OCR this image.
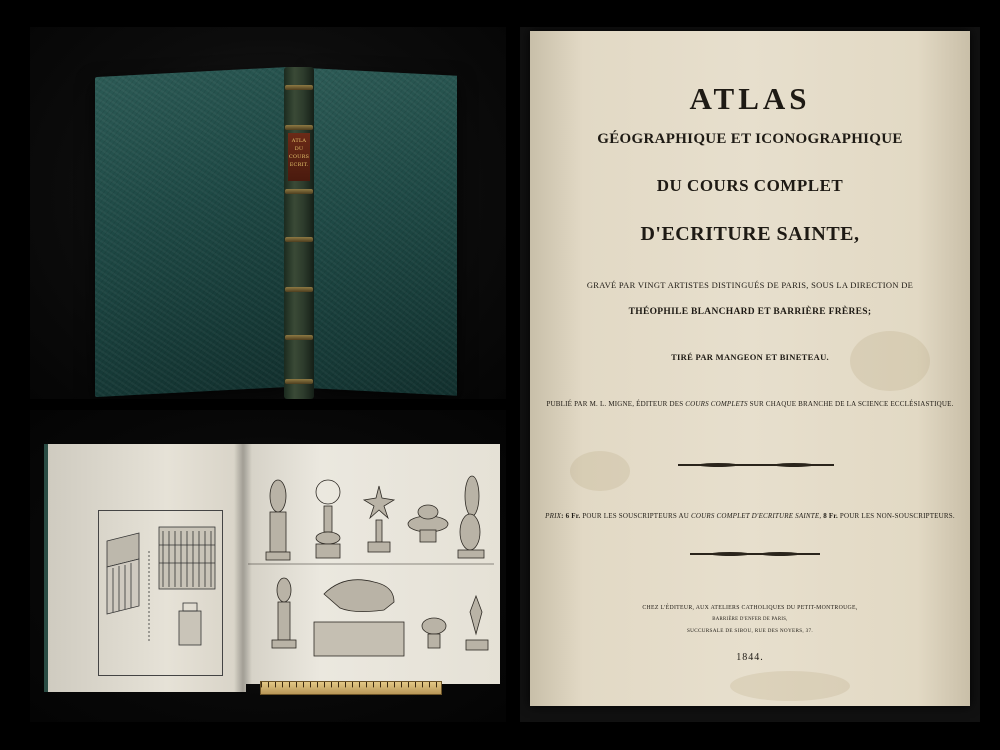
ATLA
DU
COURS
ECRIT.
ATLAS
GÉOGRAPHIQUE ET ICONOGRAPHIQUE
DU COURS COMPLET
D'ECRITURE SAINTE,
GRAVÉ PAR VINGT ARTISTES DISTINGUÉS DE PARIS, SOUS LA DIRECTION DE
THÉOPHILE BLANCHARD ET BARRIÈRE FRÈRES;
TIRÉ PAR MANGEON ET BINETEAU.
PUBLIÉ PAR M. L. MIGNE, ÉDITEUR DES COURS COMPLETS SUR CHAQUE BRANCHE DE LA SCIENCE ECCLÉSIASTIQUE.
PRIX: 6 Fr. POUR LES SOUSCRIPTEURS AU COURS COMPLET D'ECRITURE SAINTE, 8 Fr. POUR LES NON-SOUSCRIPTEURS.
CHEZ L'ÉDITEUR, AUX ATELIERS CATHOLIQUES DU PETIT-MONTROUGE,
BARRIÈRE D'ENFER DE PARIS,
SUCCURSALE DE SIBOU, RUE DES NOYERS, 37.
1844.
